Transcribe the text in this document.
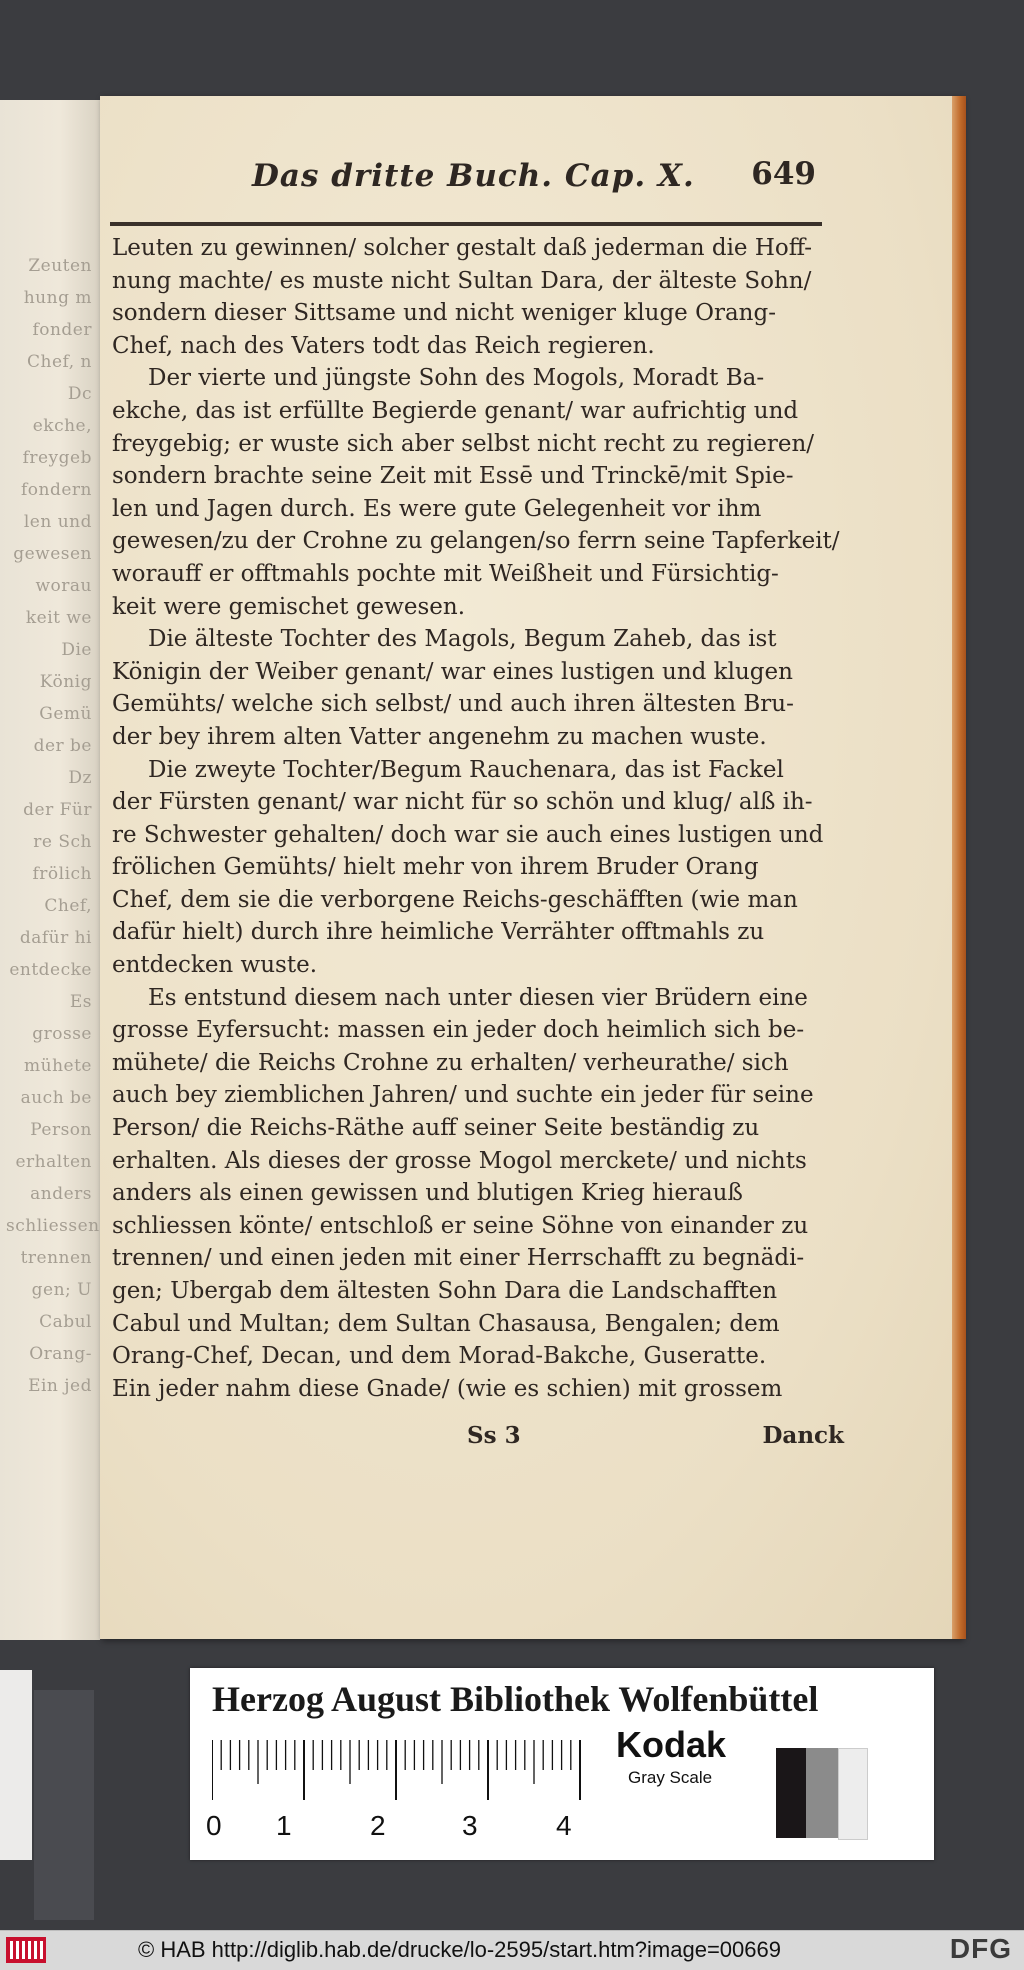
Zeuten
hung m
fonder
Chef, n
Dc
ekche,
freygeb
fondern
len und
gewesen
worau
keit we
Die
König
Gemü
der be
Dz
der Für
re Sch
frölich
Chef,
dafür hi
entdecke
Es
grosse
mühete
auch be
Person
erhalten
anders
schliessen
trennen
gen; U
Cabul
Orang-
Ein jed
Das dritte Buch. Cap. X. 649
Leuten zu gewinnen/ solcher gestalt daß jederman die Hoff-
nung machte/ es muste nicht Sultan Dara, der älteste Sohn/
sondern dieser Sittsame und nicht weniger kluge Orang-
Chef, nach des Vaters todt das Reich regieren.
Der vierte und jüngste Sohn des Mogols, Moradt Ba-
ekche, das ist erfüllte Begierde genant/ war aufrichtig und
freygebig; er wuste sich aber selbst nicht recht zu regieren/
sondern brachte seine Zeit mit Essē und Trinckē/mit Spie-
len und Jagen durch. Es were gute Gelegenheit vor ihm
gewesen/zu der Crohne zu gelangen/so ferrn seine Tapferkeit/
worauff er offtmahls pochte mit Weißheit und Fürsichtig-
keit were gemischet gewesen.
Die älteste Tochter des Magols, Begum Zaheb, das ist
Königin der Weiber genant/ war eines lustigen und klugen
Gemühts/ welche sich selbst/ und auch ihren ältesten Bru-
der bey ihrem alten Vatter angenehm zu machen wuste.
Die zweyte Tochter/Begum Rauchenara, das ist Fackel
der Fürsten genant/ war nicht für so schön und klug/ alß ih-
re Schwester gehalten/ doch war sie auch eines lustigen und
frölichen Gemühts/ hielt mehr von ihrem Bruder Orang
Chef, dem sie die verborgene Reichs-geschäfften (wie man
dafür hielt) durch ihre heimliche Verrähter offtmahls zu
entdecken wuste.
Es entstund diesem nach unter diesen vier Brüdern eine
grosse Eyfersucht: massen ein jeder doch heimlich sich be-
mühete/ die Reichs Crohne zu erhalten/ verheurathe/ sich
auch bey ziemblichen Jahren/ und suchte ein jeder für seine
Person/ die Reichs-Räthe auff seiner Seite beständig zu
erhalten. Als dieses der grosse Mogol merckete/ und nichts
anders als einen gewissen und blutigen Krieg hierauß
schliessen könte/ entschloß er seine Söhne von einander zu
trennen/ und einen jeden mit einer Herrschafft zu begnädi-
gen; Ubergab dem ältesten Sohn Dara die Landschafften
Cabul und Multan; dem Sultan Chasausa, Bengalen; dem
Orang-Chef, Decan, und dem Morad-Bakche, Guseratte.
Ein jeder nahm diese Gnade/ (wie es schien) mit grossem
Ss 3	Danck
Herzog August Bibliothek Wolfenbüttel
0 1	2	3	4
Kodak
Gray Scale
© HAB http://diglib.hab.de/drucke/lo-2595/start.htm?image=00669	DFG
